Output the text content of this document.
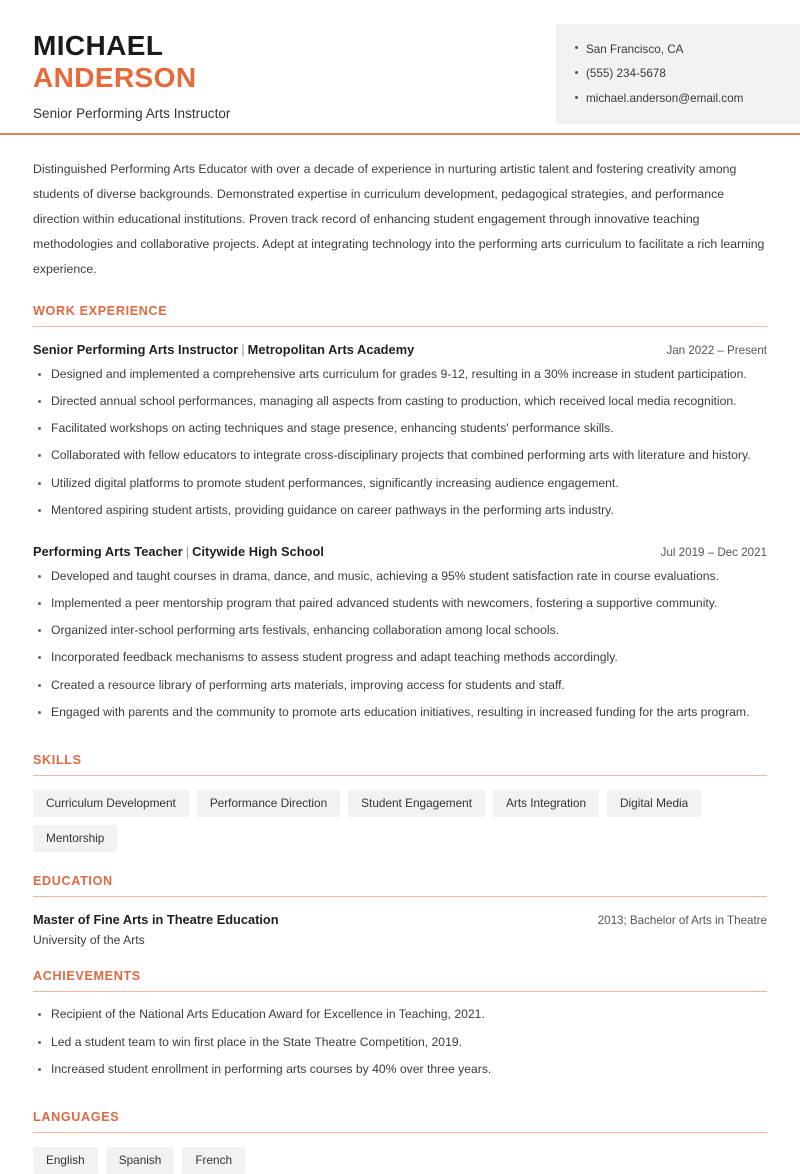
MICHAEL
ANDERSON
Senior Performing Arts Instructor
San Francisco, CA
(555) 234-5678
michael.anderson@email.com
Distinguished Performing Arts Educator with over a decade of experience in nurturing artistic talent and fostering creativity among students of diverse backgrounds. Demonstrated expertise in curriculum development, pedagogical strategies, and performance direction within educational institutions. Proven track record of enhancing student engagement through innovative teaching methodologies and collaborative projects. Adept at integrating technology into the performing arts curriculum to facilitate a rich learning experience.
WORK EXPERIENCE
Senior Performing Arts Instructor | Metropolitan Arts Academy	Jan 2022 – Present
Designed and implemented a comprehensive arts curriculum for grades 9-12, resulting in a 30% increase in student participation.
Directed annual school performances, managing all aspects from casting to production, which received local media recognition.
Facilitated workshops on acting techniques and stage presence, enhancing students' performance skills.
Collaborated with fellow educators to integrate cross-disciplinary projects that combined performing arts with literature and history.
Utilized digital platforms to promote student performances, significantly increasing audience engagement.
Mentored aspiring student artists, providing guidance on career pathways in the performing arts industry.
Performing Arts Teacher | Citywide High School	Jul 2019 – Dec 2021
Developed and taught courses in drama, dance, and music, achieving a 95% student satisfaction rate in course evaluations.
Implemented a peer mentorship program that paired advanced students with newcomers, fostering a supportive community.
Organized inter-school performing arts festivals, enhancing collaboration among local schools.
Incorporated feedback mechanisms to assess student progress and adapt teaching methods accordingly.
Created a resource library of performing arts materials, improving access for students and staff.
Engaged with parents and the community to promote arts education initiatives, resulting in increased funding for the arts program.
SKILLS
Curriculum Development	Performance Direction	Student Engagement	Arts Integration	Digital Media
Mentorship
EDUCATION
Master of Fine Arts in Theatre Education	2013; Bachelor of Arts in Theatre
University of the Arts
ACHIEVEMENTS
Recipient of the National Arts Education Award for Excellence in Teaching, 2021.
Led a student team to win first place in the State Theatre Competition, 2019.
Increased student enrollment in performing arts courses by 40% over three years.
LANGUAGES
English	Spanish	French
